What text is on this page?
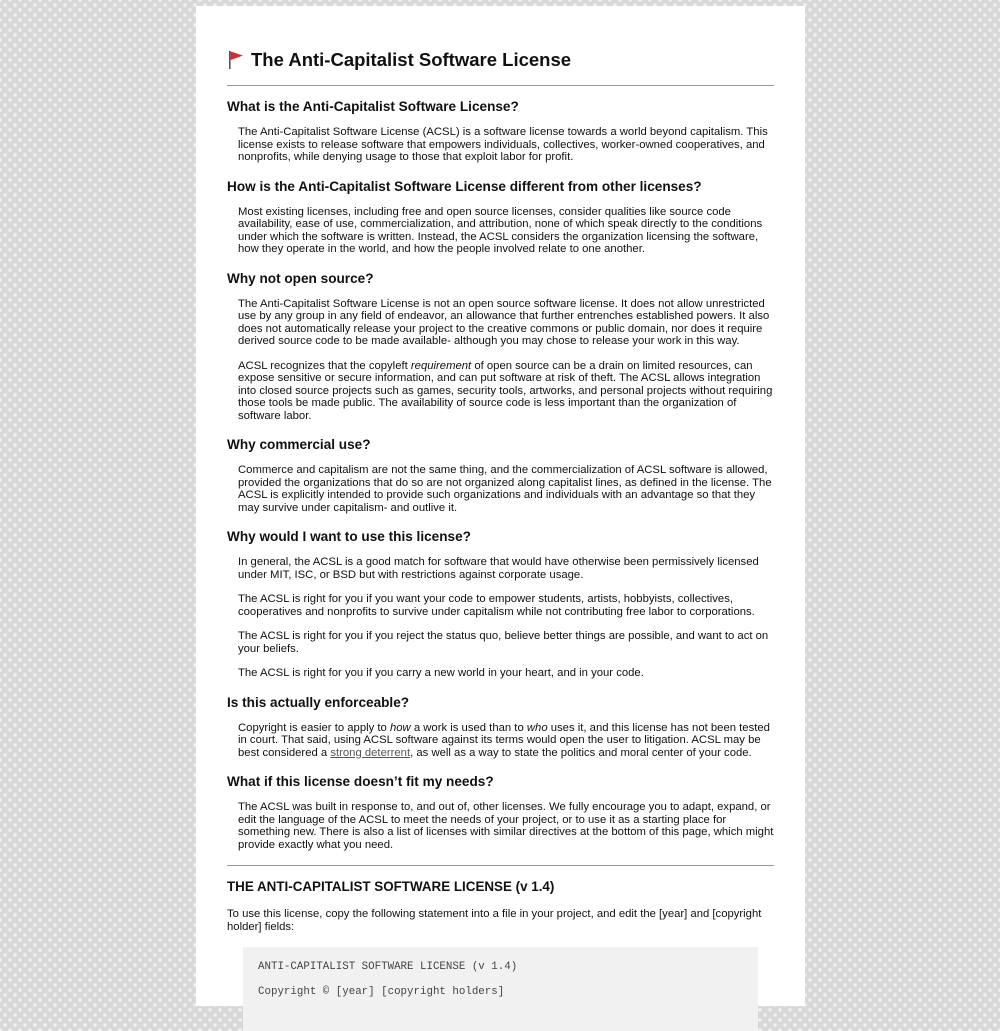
The Anti-Capitalist Software License
What is the Anti-Capitalist Software License?

The Anti-Capitalist Software License (ACSL) is a software license towards a world beyond capitalism. This license exists to release software that empowers individuals, collectives, worker-owned cooperatives, and nonprofits, while denying usage to those that exploit labor for profit.

How is the Anti-Capitalist Software License different from other licenses?

Most existing licenses, including free and open source licenses, consider qualities like source code availability, ease of use, commercialization, and attribution, none of which speak directly to the conditions under which the software is written. Instead, the ACSL considers the organization licensing the software, how they operate in the world, and how the people involved relate to one another.

Why not open source?

The Anti-Capitalist Software License is not an open source software license. It does not allow unrestricted use by any group in any field of endeavor, an allowance that further entrenches established powers. It also does not automatically release your project to the creative commons or public domain, nor does it require derived source code to be made available- although you may chose to release your work in this way.

ACSL recognizes that the copyleft requirement of open source can be a drain on limited resources, can expose sensitive or secure information, and can put software at risk of theft. The ACSL allows integration into closed source projects such as games, security tools, artworks, and personal projects without requiring those tools be made public. The availability of source code is less important than the organization of software labor.

Why commercial use?

Commerce and capitalism are not the same thing, and the commercialization of ACSL software is allowed, provided the organizations that do so are not organized along capitalist lines, as defined in the license. The ACSL is explicitly intended to provide such organizations and individuals with an advantage so that they may survive under capitalism- and outlive it.

Why would I want to use this license?

In general, the ACSL is a good match for software that would have otherwise been permissively licensed under MIT, ISC, or BSD but with restrictions against corporate usage.

The ACSL is right for you if you want your code to empower students, artists, hobbyists, collectives, cooperatives and nonprofits to survive under capitalism while not contributing free labor to corporations.

The ACSL is right for you if you reject the status quo, believe better things are possible, and want to act on your beliefs.

The ACSL is right for you if you carry a new world in your heart, and in your code.

Is this actually enforceable?

Copyright is easier to apply to how a work is used than to who uses it, and this license has not been tested in court. That said, using ACSL software against its terms would open the user to litigation. ACSL may be best considered a strong deterrent, as well as a way to state the politics and moral center of your code.

What if this license doesn’t fit my needs?

The ACSL was built in response to, and out of, other licenses. We fully encourage you to adapt, expand, or edit the language of the ACSL to meet the needs of your project, or to use it as a starting place for something new. There is also a list of licenses with similar directives at the bottom of this page, which might provide exactly what you need.

THE ANTI-CAPITALIST SOFTWARE LICENSE (v 1.4)

To use this license, copy the following statement into a file in your project, and edit the [year] and [copyright holder] fields:

ANTI-CAPITALIST SOFTWARE LICENSE (v 1.4)
Copyright © [year] [copyright holders]
